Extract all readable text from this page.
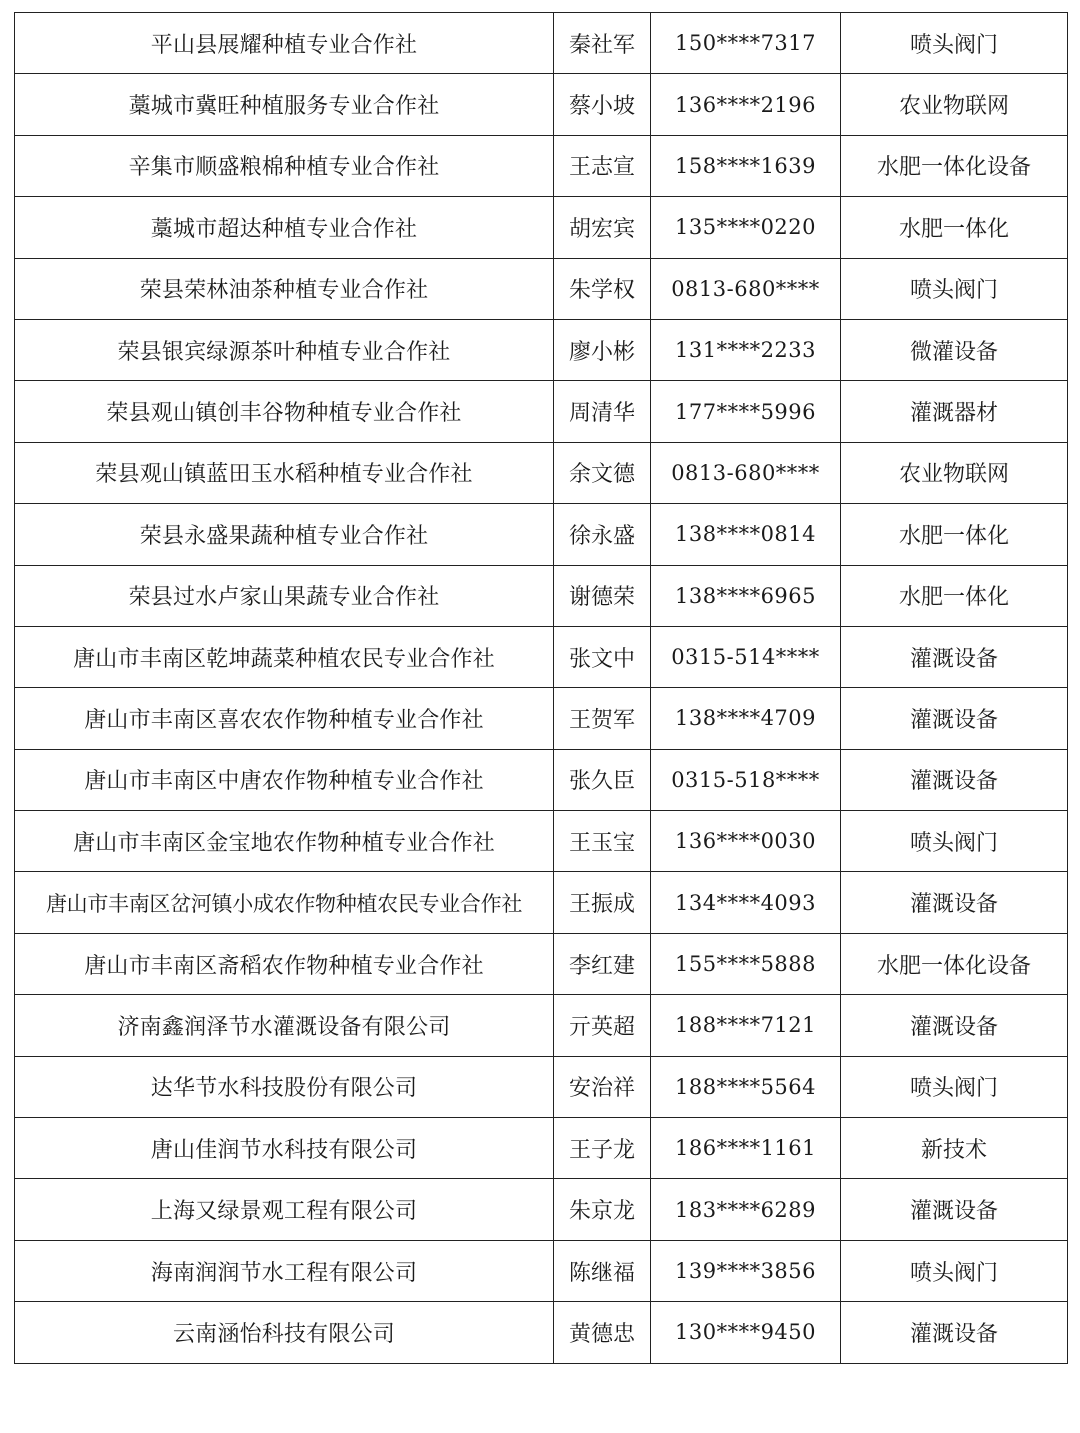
平山县展耀种植专业合作社	秦社军	150****7317	喷头阀门
藁城市冀旺种植服务专业合作社	蔡小坡	136****2196	农业物联网
辛集市顺盛粮棉种植专业合作社	王志宣	158****1639	水肥一体化设备
藁城市超达种植专业合作社	胡宏宾	135****0220	水肥一体化
荣县荣林油茶种植专业合作社	朱学权	0813-680****	喷头阀门
荣县银宾绿源茶叶种植专业合作社	廖小彬	131****2233	微灌设备
荣县观山镇创丰谷物种植专业合作社	周清华	177****5996	灌溉器材
荣县观山镇蓝田玉水稻种植专业合作社	余文德	0813-680****	农业物联网
荣县永盛果蔬种植专业合作社	徐永盛	138****0814	水肥一体化
荣县过水卢家山果蔬专业合作社	谢德荣	138****6965	水肥一体化
唐山市丰南区乾坤蔬菜种植农民专业合作社	张文中	0315-514****	灌溉设备
唐山市丰南区喜农农作物种植专业合作社	王贺军	138****4709	灌溉设备
唐山市丰南区中唐农作物种植专业合作社	张久臣	0315-518****	灌溉设备
唐山市丰南区金宝地农作物种植专业合作社	王玉宝	136****0030	喷头阀门
唐山市丰南区岔河镇小成农作物种植农民专业合作社	王振成	134****4093	灌溉设备
唐山市丰南区斋稻农作物种植专业合作社	李红建	155****5888	水肥一体化设备
济南鑫润泽节水灌溉设备有限公司	亓英超	188****7121	灌溉设备
达华节水科技股份有限公司	安治祥	188****5564	喷头阀门
唐山佳润节水科技有限公司	王子龙	186****1161	新技术
上海又绿景观工程有限公司	朱京龙	183****6289	灌溉设备
海南润润节水工程有限公司	陈继福	139****3856	喷头阀门
云南涵怡科技有限公司	黄德忠	130****9450	灌溉设备
